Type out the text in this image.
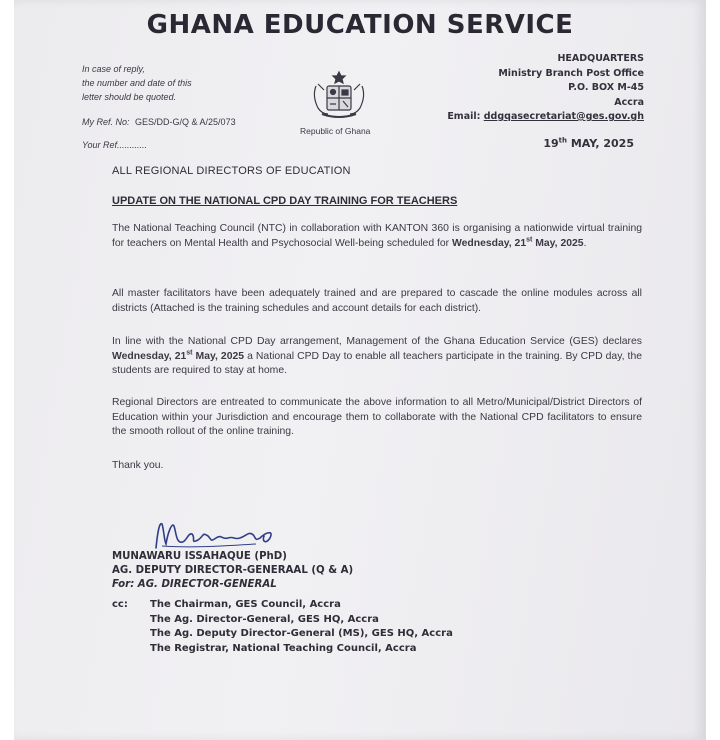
GHANA EDUCATION SERVICE
In case of reply,
the number and date of this
letter should be quoted.
My Ref. No: GES/DD-G/Q & A/25/073
Your Ref............
Republic of Ghana
HEADQUARTERS
Ministry Branch Post Office
P.O. BOX M-45
Accra
Email: ddgqasecretariat@ges.gov.gh
19th MAY, 2025
ALL REGIONAL DIRECTORS OF EDUCATION
UPDATE ON THE NATIONAL CPD DAY TRAINING FOR TEACHERS
The National Teaching Council (NTC) in collaboration with KANTON 360 is organising a nationwide virtual training for teachers on Mental Health and Psychosocial Well-being scheduled for Wednesday, 21st May, 2025.
All master facilitators have been adequately trained and are prepared to cascade the online modules across all districts (Attached is the training schedules and account details for each district).
In line with the National CPD Day arrangement, Management of the Ghana Education Service (GES) declares Wednesday, 21st May, 2025 a National CPD Day to enable all teachers participate in the training. By CPD day, the students are required to stay at home.
Regional Directors are entreated to communicate the above information to all Metro/Municipal/District Directors of Education within your Jurisdiction and encourage them to collaborate with the National CPD facilitators to ensure the smooth rollout of the online training.
Thank you.
MUNAWARU ISSAHAQUE (PhD)
AG. DEPUTY DIRECTOR-GENERAAL (Q & A)
For: AG. DIRECTOR-GENERAL
cc: The Chairman, GES Council, Accra
The Ag. Director-General, GES HQ, Accra
The Ag. Deputy Director-General (MS), GES HQ, Accra
The Registrar, National Teaching Council, Accra
